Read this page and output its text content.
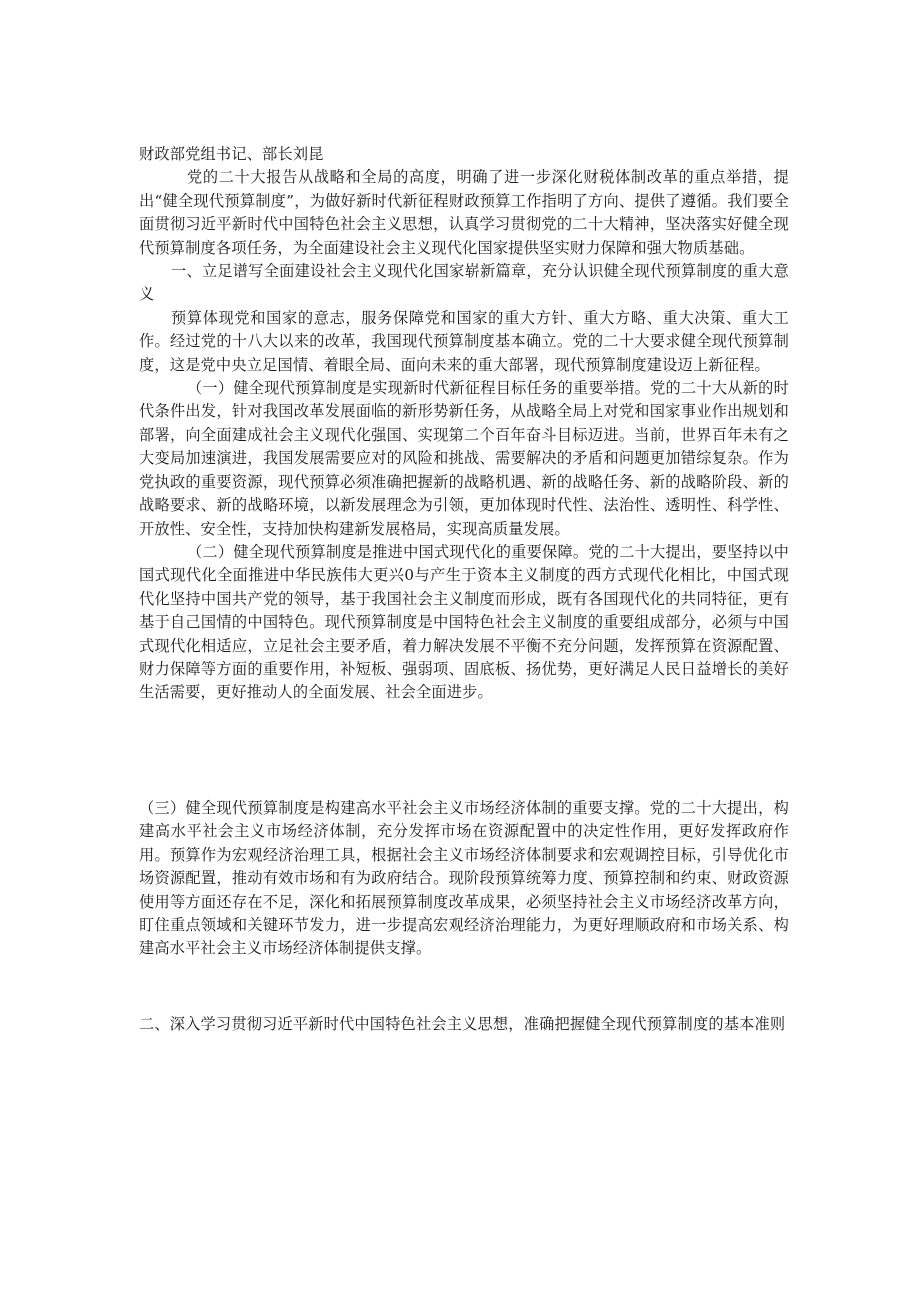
财政部党组书记、部长刘昆

党的二十大报告从战略和全局的高度，明确了进一步深化财税体制改革的重点举措，提出“健全现代预算制度”，为做好新时代新征程财政预算工作指明了方向、提供了遵循。我们要全面贯彻习近平新时代中国特色社会主义思想，认真学习贯彻党的二十大精神，坚决落实好健全现代预算制度各项任务，为全面建设社会主义现代化国家提供坚实财力保障和强大物质基础。

一、立足谱写全面建设社会主义现代化国家崭新篇章，充分认识健全现代预算制度的重大意义

预算体现党和国家的意志，服务保障党和国家的重大方针、重大方略、重大决策、重大工作。经过党的十八大以来的改革，我国现代预算制度基本确立。党的二十大要求健全现代预算制度，这是党中央立足国情、着眼全局、面向未来的重大部署，现代预算制度建设迈上新征程。

（一）健全现代预算制度是实现新时代新征程目标任务的重要举措。党的二十大从新的时代条件出发，针对我国改革发展面临的新形势新任务，从战略全局上对党和国家事业作出规划和部署，向全面建成社会主义现代化强国、实现第二个百年奋斗目标迈进。当前，世界百年未有之大变局加速演进，我国发展需要应对的风险和挑战、需要解决的矛盾和问题更加错综复杂。作为党执政的重要资源，现代预算必须准确把握新的战略机遇、新的战略任务、新的战略阶段、新的战略要求、新的战略环境，以新发展理念为引领，更加体现时代性、法治性、透明性、科学性、开放性、安全性，支持加快构建新发展格局，实现高质量发展。

（二）健全现代预算制度是推进中国式现代化的重要保障。党的二十大提出，要坚持以中国式现代化全面推进中华民族伟大更兴0与产生于资本主义制度的西方式现代化相比，中国式现代化坚持中国共产党的领导，基于我国社会主义制度而形成，既有各国现代化的共同特征，更有基于自己国情的中国特色。现代预算制度是中国特色社会主义制度的重要组成部分，必须与中国式现代化相适应，立足社会主要矛盾，着力解决发展不平衡不充分问题，发挥预算在资源配置、财力保障等方面的重要作用，补短板、强弱项、固底板、扬优势，更好满足人民日益增长的美好生活需要，更好推动人的全面发展、社会全面进步。

（三）健全现代预算制度是构建高水平社会主义市场经济体制的重要支撑。党的二十大提出，构建高水平社会主义市场经济体制，充分发挥市场在资源配置中的决定性作用，更好发挥政府作用。预算作为宏观经济治理工具，根据社会主义市场经济体制要求和宏观调控目标，引导优化市场资源配置，推动有效市场和有为政府结合。现阶段预算统筹力度、预算控制和约束、财政资源使用等方面还存在不足，深化和拓展预算制度改革成果，必须坚持社会主义市场经济改革方向，盯住重点领域和关键环节发力，进一步提高宏观经济治理能力，为更好理顺政府和市场关系、构建高水平社会主义市场经济体制提供支撑。

二、深入学习贯彻习近平新时代中国特色社会主义思想，准确把握健全现代预算制度的基本准则
